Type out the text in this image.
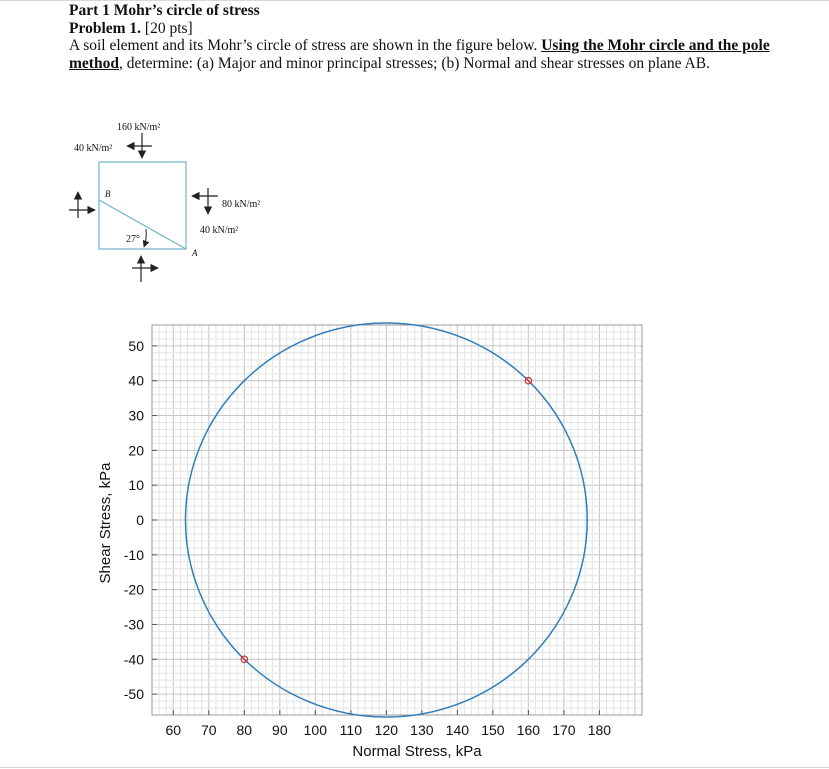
Part 1 Mohr’s circle of stress
Problem 1. [20 pts]
A soil element and its Mohr’s circle of stress are shown in the figure below. Using the Mohr circle and the pole method, determine: (a) Major and minor principal stresses; (b) Normal and shear stresses on plane AB.
160 kN/m²
40 kN/m²
80 kN/m²
40 kN/m²
27°
B
A
60 70 80 90 100 110 120 130 140 150 160 170 180
50
40
30
20
10
0
-10
-20
-30
-40
-50
Normal Stress, kPa
Shear Stress, kPa
